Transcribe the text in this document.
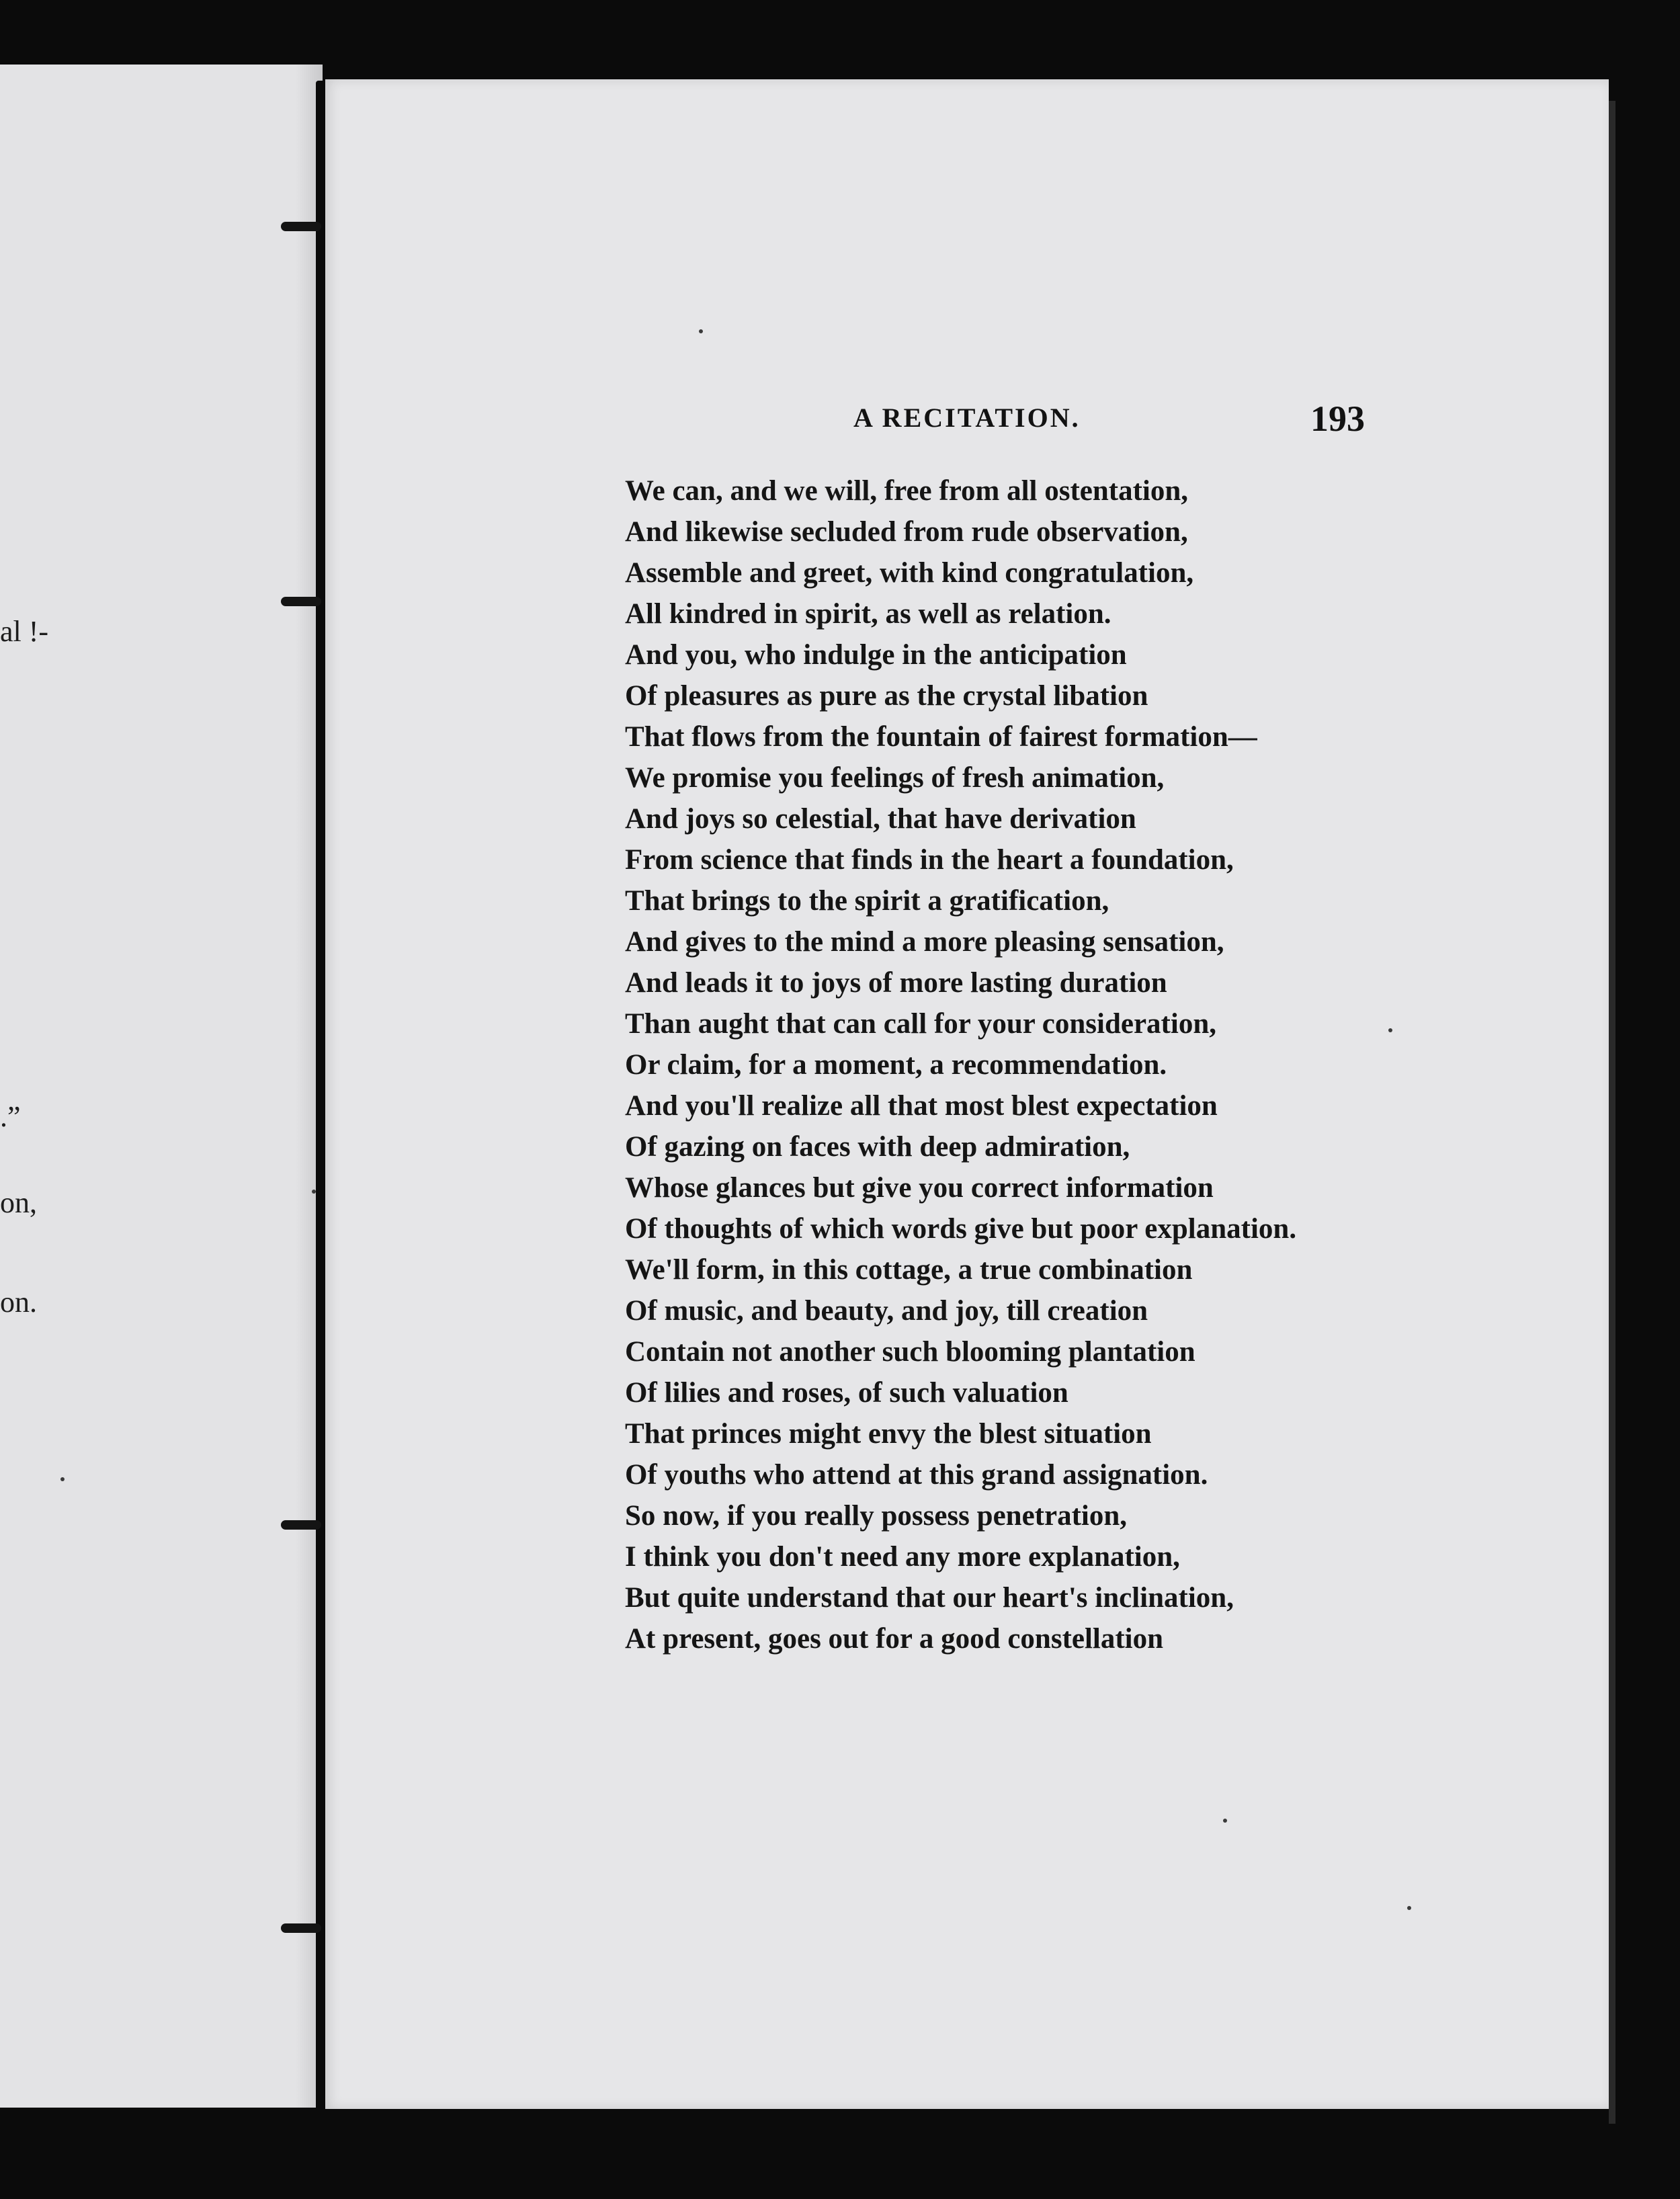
al !-
.”
on,
on.
A RECITATION.	193
We can, and we will, free from all ostentation,
And likewise secluded from rude observation,
Assemble and greet, with kind congratulation,
All kindred in spirit, as well as relation.
And you, who indulge in the anticipation
Of pleasures as pure as the crystal libation
That flows from the fountain of fairest formation—
We promise you feelings of fresh animation,
And joys so celestial, that have derivation
From science that finds in the heart a foundation,
That brings to the spirit a gratification,
And gives to the mind a more pleasing sensation,
And leads it to joys of more lasting duration
Than aught that can call for your consideration,
Or claim, for a moment, a recommendation.
And you'll realize all that most blest expectation
Of gazing on faces with deep admiration,
Whose glances but give you correct information
Of thoughts of which words give but poor explanation.
We'll form, in this cottage, a true combination
Of music, and beauty, and joy, till creation
Contain not another such blooming plantation
Of lilies and roses, of such valuation
That princes might envy the blest situation
Of youths who attend at this grand assignation.
So now, if you really possess penetration,
I think you don't need any more explanation,
But quite understand that our heart's inclination,
At present, goes out for a good constellation
